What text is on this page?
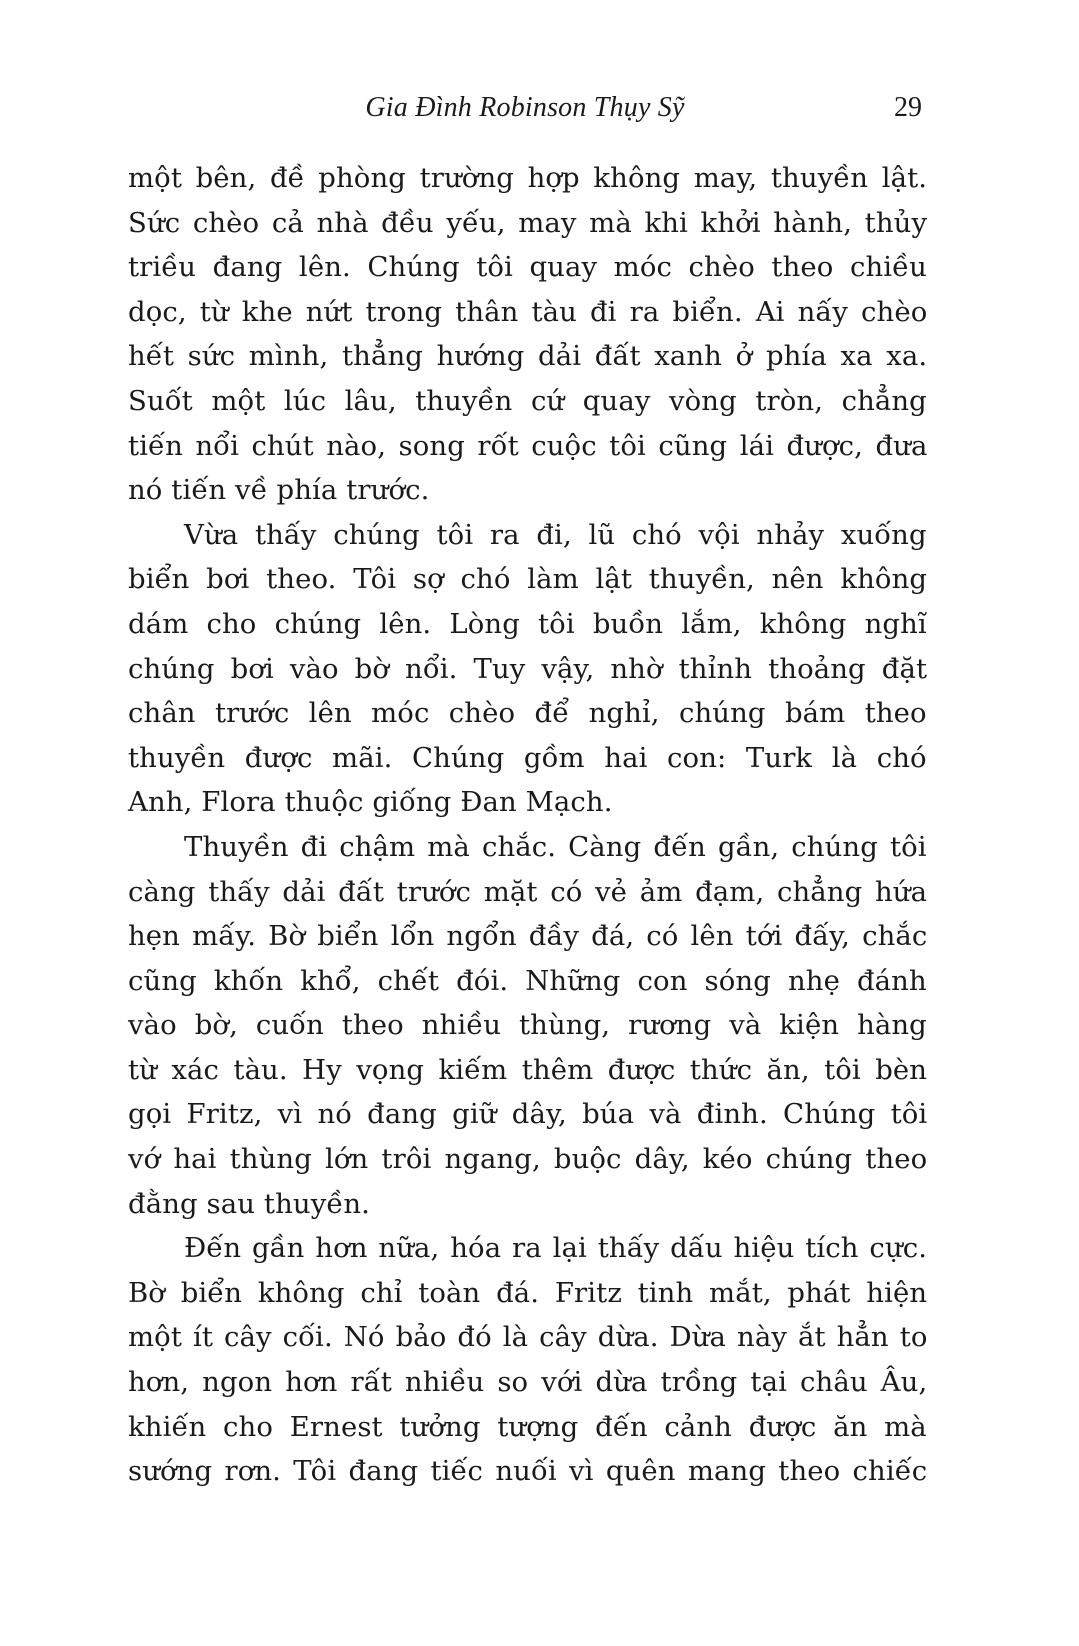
Gia Đình Robinson Thụy Sỹ	29

một bên, đề phòng trường hợp không may, thuyền lật.
Sức chèo cả nhà đều yếu, may mà khi khởi hành, thủy
triều đang lên. Chúng tôi quay móc chèo theo chiều
dọc, từ khe nứt trong thân tàu đi ra biển. Ai nấy chèo
hết sức mình, thẳng hướng dải đất xanh ở phía xa xa.
Suốt một lúc lâu, thuyền cứ quay vòng tròn, chẳng
tiến nổi chút nào, song rốt cuộc tôi cũng lái được, đưa
nó tiến về phía trước.

Vừa thấy chúng tôi ra đi, lũ chó vội nhảy xuống
biển bơi theo. Tôi sợ chó làm lật thuyền, nên không
dám cho chúng lên. Lòng tôi buồn lắm, không nghĩ
chúng bơi vào bờ nổi. Tuy vậy, nhờ thỉnh thoảng đặt
chân trước lên móc chèo để nghỉ, chúng bám theo
thuyền được mãi. Chúng gồm hai con: Turk là chó
Anh, Flora thuộc giống Đan Mạch.

Thuyền đi chậm mà chắc. Càng đến gần, chúng tôi
càng thấy dải đất trước mặt có vẻ ảm đạm, chẳng hứa
hẹn mấy. Bờ biển lổn ngổn đầy đá, có lên tới đấy, chắc
cũng khốn khổ, chết đói. Những con sóng nhẹ đánh
vào bờ, cuốn theo nhiều thùng, rương và kiện hàng
từ xác tàu. Hy vọng kiếm thêm được thức ăn, tôi bèn
gọi Fritz, vì nó đang giữ dây, búa và đinh. Chúng tôi
vớ hai thùng lớn trôi ngang, buộc dây, kéo chúng theo
đằng sau thuyền.

Đến gần hơn nữa, hóa ra lại thấy dấu hiệu tích cực.
Bờ biển không chỉ toàn đá. Fritz tinh mắt, phát hiện
một ít cây cối. Nó bảo đó là cây dừa. Dừa này ắt hẳn to
hơn, ngon hơn rất nhiều so với dừa trồng tại châu Âu,
khiến cho Ernest tưởng tượng đến cảnh được ăn mà
sướng rơn. Tôi đang tiếc nuối vì quên mang theo chiếc
